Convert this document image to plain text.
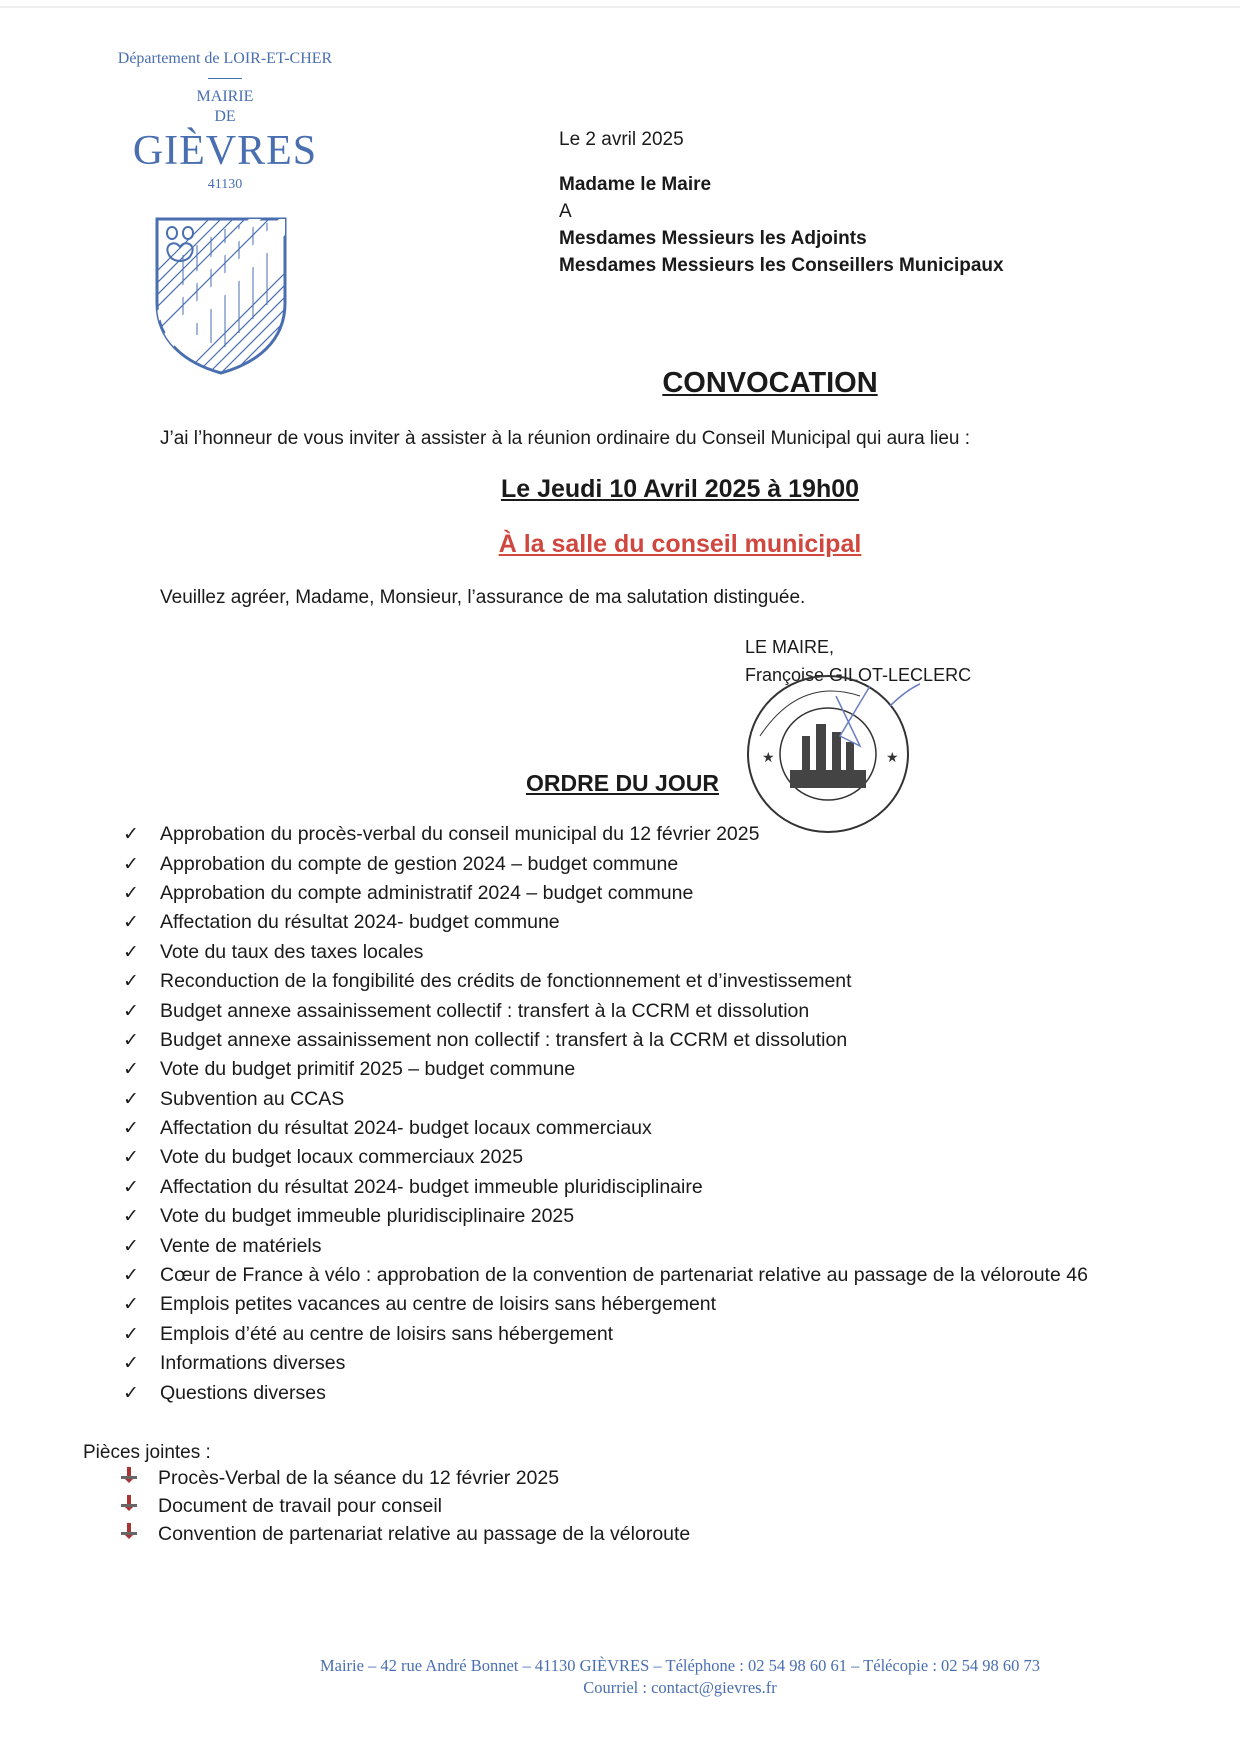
Département de LOIR-ET-CHER
MAIRIE
DE
GIÈVRES
41130
Le 2 avril 2025
Madame le Maire
A
Mesdames Messieurs les Adjoints
Mesdames Messieurs les Conseillers Municipaux
CONVOCATION
J’ai l’honneur de vous inviter à assister à la réunion ordinaire du Conseil Municipal qui aura lieu :
Le Jeudi 10 Avril 2025 à 19h00
À la salle du conseil municipal
Veuillez agréer, Madame, Monsieur, l’assurance de ma salutation distinguée.
LE MAIRE,
Françoise GILOT-LECLERC
★	★
ORDRE DU JOUR
✓	Approbation du procès-verbal du conseil municipal du 12 février 2025
✓	Approbation du compte de gestion 2024 – budget commune
✓	Approbation du compte administratif 2024 – budget commune
✓	Affectation du résultat 2024- budget commune
✓	Vote du taux des taxes locales
✓	Reconduction de la fongibilité des crédits de fonctionnement et d’investissement
✓	Budget annexe assainissement collectif : transfert à la CCRM et dissolution
✓	Budget annexe assainissement non collectif : transfert à la CCRM et dissolution
✓	Vote du budget primitif 2025 – budget commune
✓	Subvention au CCAS
✓	Affectation du résultat 2024- budget locaux commerciaux
✓	Vote du budget locaux commerciaux 2025
✓	Affectation du résultat 2024- budget immeuble pluridisciplinaire
✓	Vote du budget immeuble pluridisciplinaire 2025
✓	Vente de matériels
✓	Cœur de France à vélo : approbation de la convention de partenariat relative au passage de la véloroute 46
✓	Emplois petites vacances au centre de loisirs sans hébergement
✓	Emplois d’été au centre de loisirs sans hébergement
✓	Informations diverses
✓	Questions diverses
Pièces jointes :
Procès-Verbal de la séance du 12 février 2025
Document de travail pour conseil
Convention de partenariat relative au passage de la véloroute
Mairie – 42 rue André Bonnet – 41130 GIÈVRES – Téléphone : 02 54 98 60 61 – Télécopie : 02 54 98 60 73
Courriel : contact@gievres.fr
